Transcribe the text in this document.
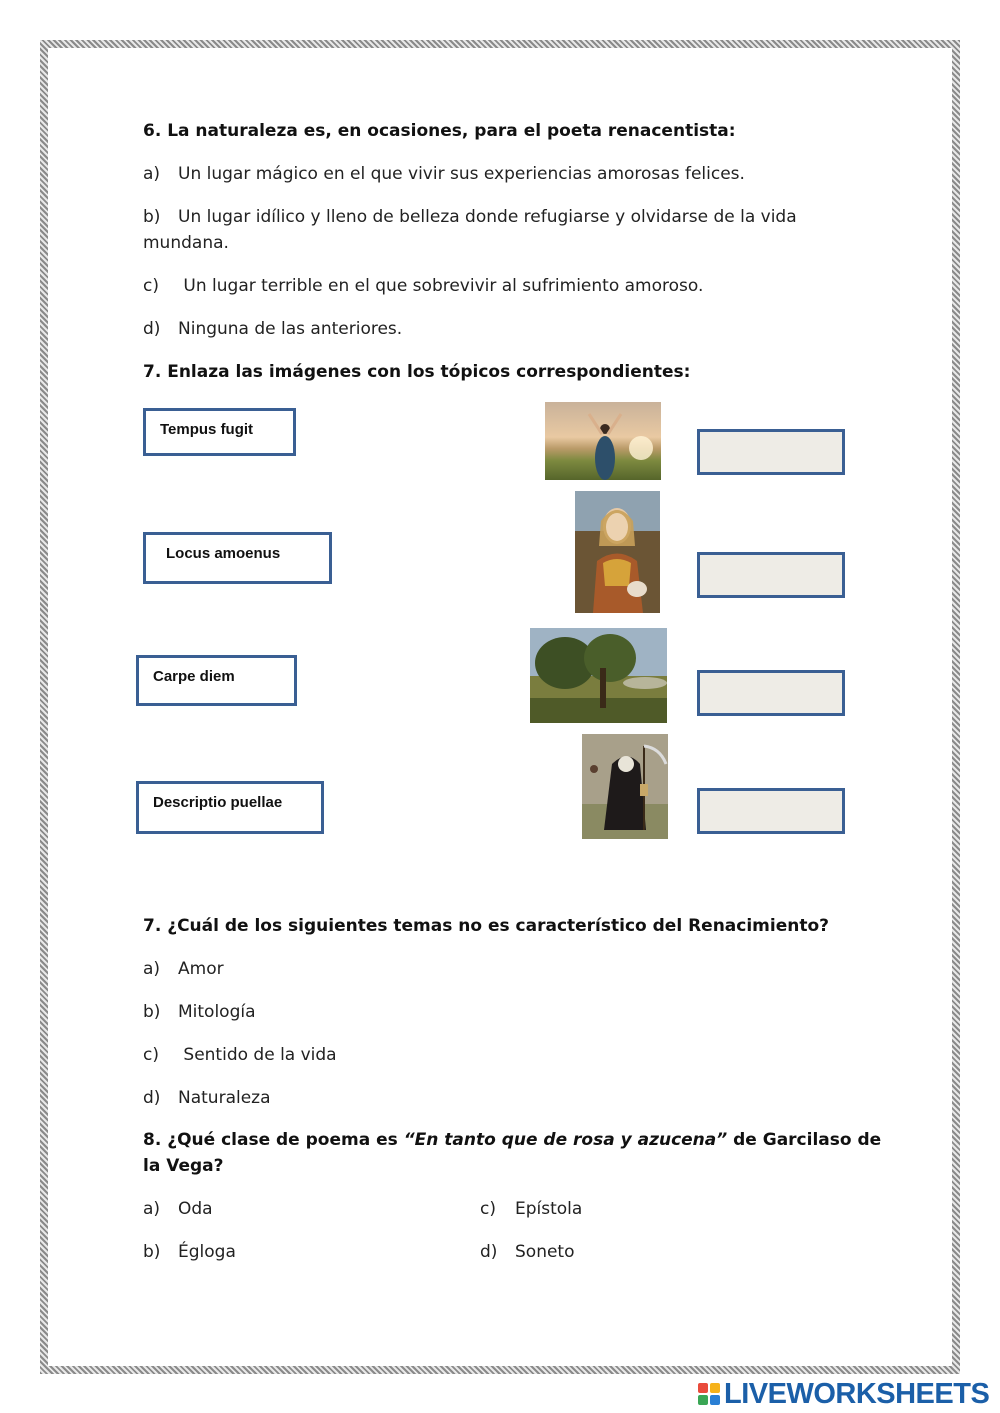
6. La naturaleza es, en ocasiones, para el poeta renacentista:
a) Un lugar mágico en el que vivir sus experiencias amorosas felices.
b) Un lugar idílico y lleno de belleza donde refugiarse y olvidarse de la vida
mundana.
c) Un lugar terrible en el que sobrevivir al sufrimiento amoroso.
d) Ninguna de las anteriores.
7. Enlaza las imágenes con los tópicos correspondientes:
Tempus fugit
Locus amoenus
Carpe diem
Descriptio puellae
7. ¿Cuál de los siguientes temas no es característico del Renacimiento?
a) Amor
b) Mitología
c) Sentido de la vida
d) Naturaleza
8. ¿Qué clase de poema es “En tanto que de rosa y azucena” de Garcilaso de
la Vega?
a) Oda
b) Égloga
c) Epístola
d) Soneto
LIVEWORKSHEETS
